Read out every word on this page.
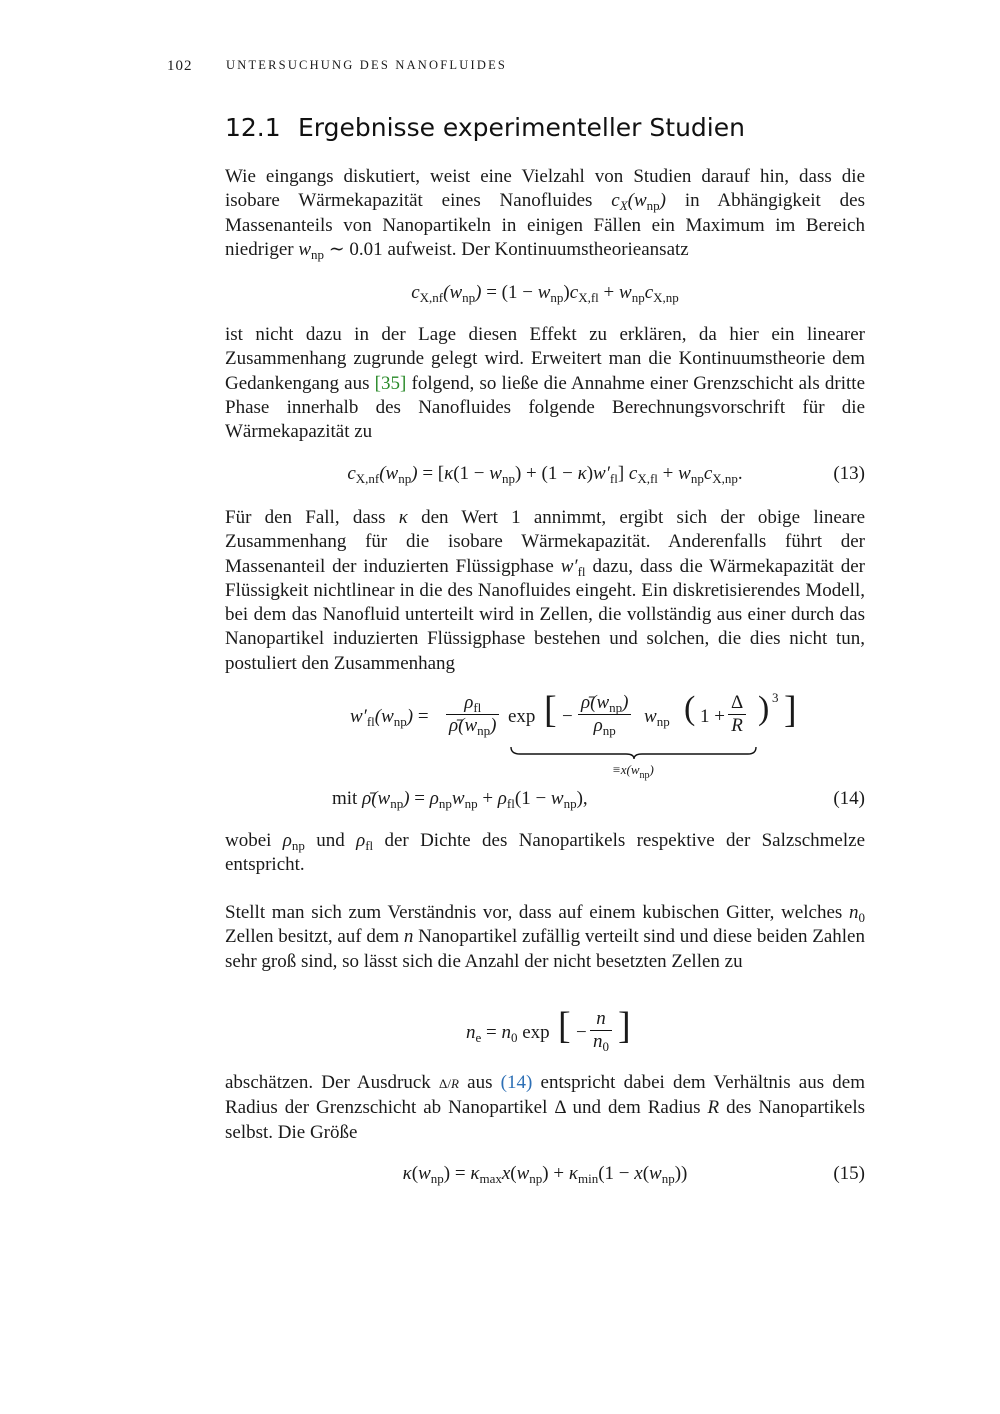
102	UNTERSUCHUNG DES NANOFLUIDES
12.1 Ergebnisse experimenteller Studien
Wie eingangs diskutiert, weist eine Vielzahl von Studien darauf hin, dass die isobare Wärmekapazität eines Nanofluides $c_X(w_{np})$ in Abhängigkeit des Massenanteils von Nanopartikeln in einigen Fällen ein Maximum im Bereich niedriger $w_{np}$ ∼ 0.01 aufweist. Der Kontinuumstheorieansatz
$c_{X,nf}(w_{np}) = (1 - w_{np})c_{X,fl} + w_{np}c_{X,np}$
ist nicht dazu in der Lage diesen Effekt zu erklären, da hier ein linearer Zusammenhang zugrunde gelegt wird. Erweitert man die Kontinuumstheorie dem Gedankengang aus [35] folgend, so ließe die Annahme einer Grenzschicht als dritte Phase innerhalb des Nanofluides folgende Berechnungsvorschrift für die Wärmekapazität zu
$c_{X,nf}(w_{np}) = [\kappa(1 - w_{np}) + (1 - \kappa)w'_{fl}] c_{X,fl} + w_{np}c_{X,np}$.	(13)
Für den Fall, dass κ den Wert 1 annimmt, ergibt sich der obige lineare Zusammenhang für die isobare Wärmekapazität. Anderenfalls führt der Massenanteil der induzierten Flüssigphase $w'_{fl}$ dazu, dass die Wärmekapazität der Flüssigkeit nichtlinear in die des Nanofluides eingeht. Ein diskretisierendes Modell, bei dem das Nanofluid unterteilt wird in Zellen, die vollständig aus einer durch das Nanopartikel induzierten Flüssigphase bestehen und solchen, die dies nicht tun, postuliert den Zusammenhang
$w'_{fl}(w_{np})$ =
$\rho_{fl}$
$\rhō(w_{np})$ exp [ −
$\rhō(w_{np})$
$\rho_{np}$
$w_{np}$ ( $1 + \frac{\Delta}{R}$ ) 3 ]
$\equiv x(w_{np})$
mit $\rhō(w_{np}) = \rho_{np}w_{np} + \rho_{fl}(1 - w_{np})$,	(14)
wobei $\rho_{np}$ und $\rho_{fl}$ der Dichte des Nanopartikels respektive der Salzschmelze entspricht.
Stellt man sich zum Verständnis vor, dass auf einem kubischen Gitter, welches $n_0$ Zellen besitzt, auf dem n Nanopartikel zufällig verteilt sind und diese beiden Zahlen sehr groß sind, so lässt sich die Anzahl der nicht besetzten Zellen zu
$n_e = n_0$ exp [ − $\frac{n}{n_0}$ ]
abschätzen. Der Ausdruck Δ/R aus (14) entspricht dabei dem Verhältnis aus dem Radius der Grenzschicht ab Nanopartikel Δ und dem Radius R des Nanopartikels selbst. Die Größe
$\kappa(w_{np}) = \kappa_{max}x(w_{np}) + \kappa_{min}(1 - x(w_{np}))$	(15)
